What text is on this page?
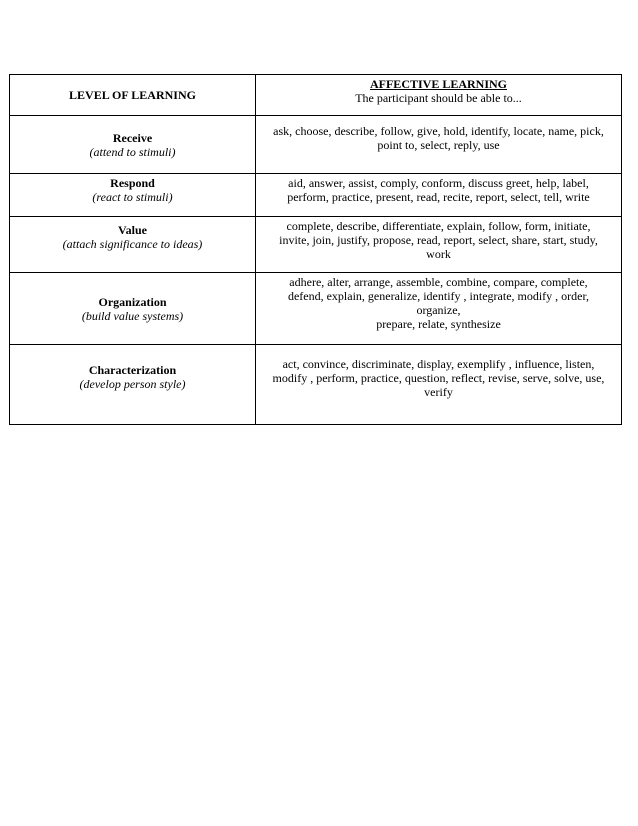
LEVEL OF LEARNING	AFFECTIVE LEARNING
The participant should be able to...

Receive
(attend to stimuli)	ask, choose, describe, follow, give, hold, identify, locate, name, pick,
point to, select, reply, use

Respond
(react to stimuli)	aid, answer, assist, comply, conform, discuss greet, help, label,
perform, practice, present, read, recite, report, select, tell, write

Value
(attach significance to ideas)	complete, describe, differentiate, explain, follow, form, initiate,
invite, join, justify, propose, read, report, select, share, start, study,
work

Organization
(build value systems)	adhere, alter, arrange, assemble, combine, compare, complete,
defend, explain, generalize, identify , integrate, modify , order,
organize,
prepare, relate, synthesize

Characterization
(develop person style)	act, convince, discriminate, display, exemplify , influence, listen,
modify , perform, practice, question, reflect, revise, serve, solve, use,
verify
